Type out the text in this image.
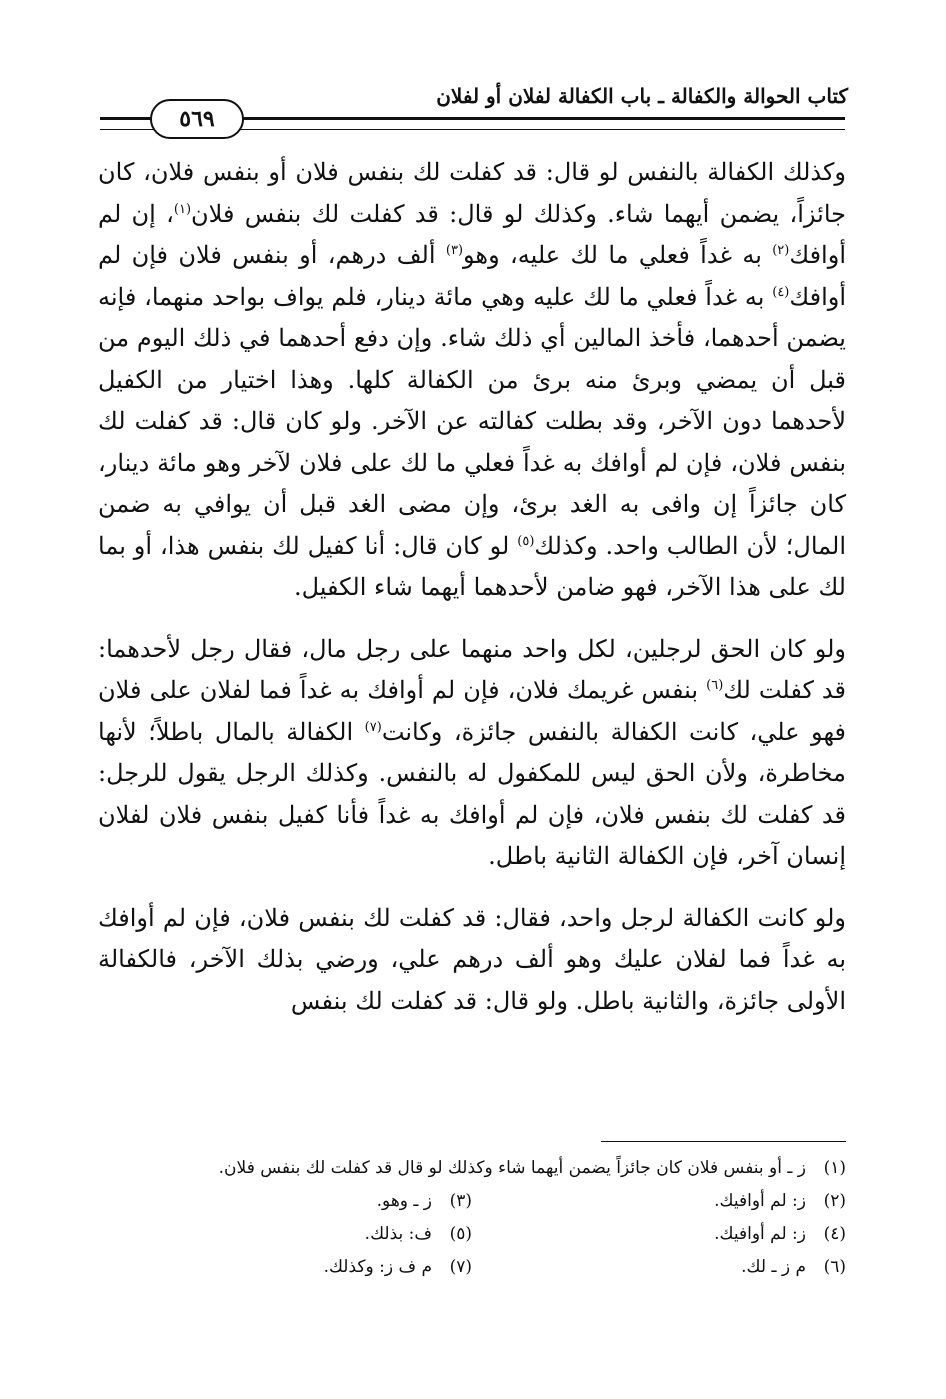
كتاب الحوالة والكفالة ـ باب الكفالة لفلان أو لفلان
٥٦٩

وكذلك الكفالة بالنفس لو قال: قد كفلت لك بنفس فلان أو بنفس فلان، كان جائزاً، يضمن أيهما شاء. وكذلك لو قال: قد كفلت لك بنفس فلان$^{(١)}$، إن لم أوافك$^{(٢)}$ به غداً فعلي ما لك عليه، وهو$^{(٣)}$ ألف درهم، أو بنفس فلان فإن لم أوافك$^{(٤)}$ به غداً فعلي ما لك عليه وهي مائة دينار، فلم يواف بواحد منهما، فإنه يضمن أحدهما، فأخذ المالين أي ذلك شاء. وإن دفع أحدهما في ذلك اليوم من قبل أن يمضي وبرئ منه برئ من الكفالة كلها. وهذا اختيار من الكفيل لأحدهما دون الآخر، وقد بطلت كفالته عن الآخر. ولو كان قال: قد كفلت لك بنفس فلان، فإن لم أوافك به غداً فعلي ما لك على فلان لآخر وهو مائة دينار، كان جائزاً إن وافى به الغد برئ، وإن مضى الغد قبل أن يوافي به ضمن المال؛ لأن الطالب واحد. وكذلك$^{(٥)}$ لو كان قال: أنا كفيل لك بنفس هذا، أو بما لك على هذا الآخر، فهو ضامن لأحدهما أيهما شاء الكفيل.

ولو كان الحق لرجلين، لكل واحد منهما على رجل مال، فقال رجل لأحدهما: قد كفلت لك$^{(٦)}$ بنفس غريمك فلان، فإن لم أوافك به غداً فما لفلان على فلان فهو علي، كانت الكفالة بالنفس جائزة، وكانت$^{(٧)}$ الكفالة بالمال باطلاً؛ لأنها مخاطرة، ولأن الحق ليس للمكفول له بالنفس. وكذلك الرجل يقول للرجل: قد كفلت لك بنفس فلان، فإن لم أوافك به غداً فأنا كفيل بنفس فلان لفلان إنسان آخر، فإن الكفالة الثانية باطل.

ولو كانت الكفالة لرجل واحد، فقال: قد كفلت لك بنفس فلان، فإن لم أوافك به غداً فما لفلان عليك وهو ألف درهم علي، ورضي بذلك الآخر، فالكفالة الأولى جائزة، والثانية باطل. ولو قال: قد كفلت لك بنفس

(١)
ز ـ أو بنفس فلان كان جائزاً يضمن أيهما شاء وكذلك لو قال قد كفلت لك بنفس فلان.
(٢)
ز: لم أوافيك.
(٣)
ز ـ وهو.
(٤)
ز: لم أوافيك.
(٥)
ف: بذلك.
(٦)
م ز ـ لك.
(٧)
م ف ز: وكذلك.
